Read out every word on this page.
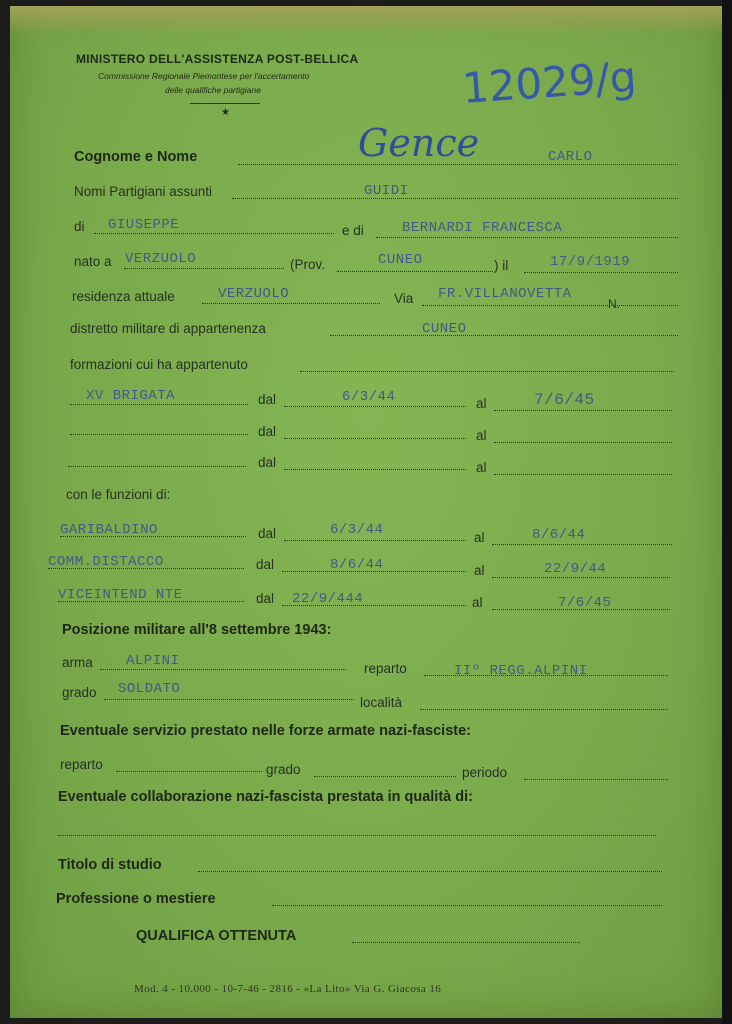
MINISTERO DELL'ASSISTENZA POST-BELLICA
Commissione Regionale Piemontese per l'accertamento
delle qualifiche partigiane
★	12029/g
Cognome e Nome	Gence	CARLO
Nomi Partigiani assunti	GUIDI
di GIUSEPPE	e di	BERNARDI FRANCESCA
nato a VERZUOLO	(Prov.	CUNEO	) il	17/9/1919
residenza attuale	VERZUOLO	Via FR.VILLANOVETTA
N.
distretto militare di appartenenza	CUNEO
formazioni cui ha appartenuto
XV BRIGATA	dal	6/3/44	al	7/6/45
dal	al
dal	al
con le funzioni di:
GARIBALDINO	dal	6/3/44	al	8/6/44
COMM.DISTACCO	dal	8/6/44	al	22/9/44
VICEINTEND NTE	dal 22/9/444	al	7/6/45
Posizione militare all'8 settembre 1943:
arma ALPINI	reparto	IIº REGG.ALPINI
grado SOLDATO
località
Eventuale servizio prestato nelle forze armate nazi-fasciste:
reparto	grado	periodo
Eventuale collaborazione nazi-fascista prestata in qualità di:
Titolo di studio
Professione o mestiere
QUALIFICA OTTENUTA
Mod. 4 - 10.000 - 10-7-46 - 2816 - «La Lito» Via G. Giacosa 16
